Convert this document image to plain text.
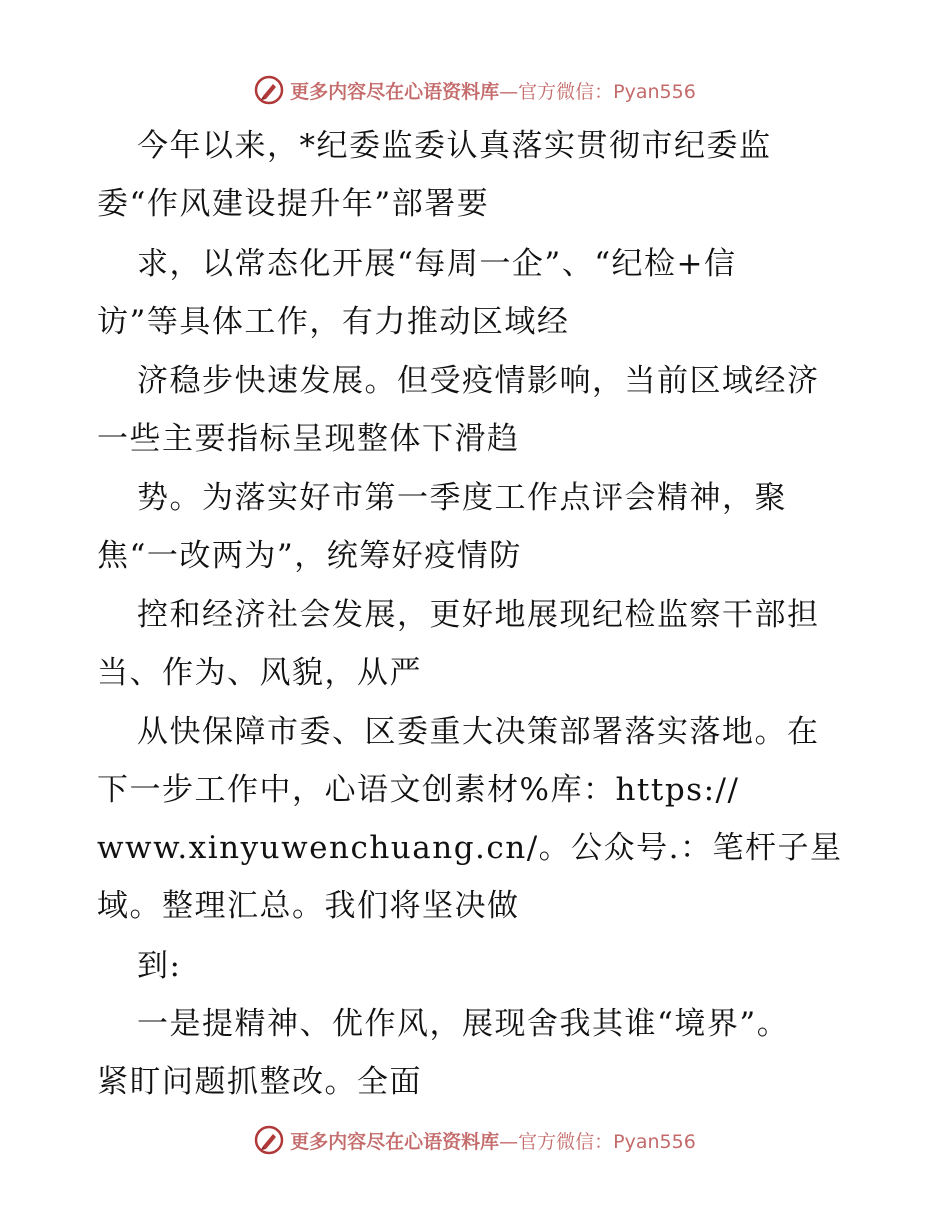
更多内容尽在心语资料库—官方微信：Pyan556
今年以来，*纪委监委认真落实贯彻市纪委监
委“作风建设提升年”部署要
求，以常态化开展“每周一企”、“纪检+信
访”等具体工作，有力推动区域经
济稳步快速发展。但受疫情影响，当前区域经济
一些主要指标呈现整体下滑趋
势。为落实好市第一季度工作点评会精神，聚
焦“一改两为”，统筹好疫情防
控和经济社会发展，更好地展现纪检监察干部担
当、作为、风貌，从严
从快保障市委、区委重大决策部署落实落地。在
下一步工作中，心语文创素材%库：https://
www.xinyuwenchuang.cn/。公众号.：笔杆子星
域。整理汇总。我们将坚决做
到:
一是提精神、优作风，展现舍我其谁“境界”。
紧盯问题抓整改。全面
更多内容尽在心语资料库—官方微信：Pyan556
